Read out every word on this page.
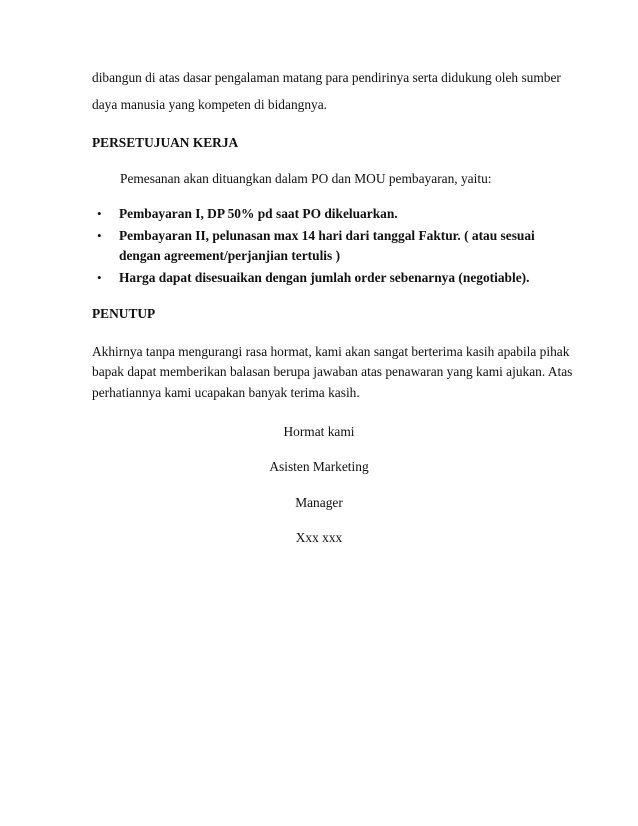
dibangun di atas dasar pengalaman matang para pendirinya serta didukung oleh sumber
daya manusia yang kompeten di bidangnya.
PERSETUJUAN KERJA
Pemesanan akan dituangkan dalam PO dan MOU pembayaran, yaitu:
• Pembayaran I, DP 50% pd saat PO dikeluarkan.
• Pembayaran II, pelunasan max 14 hari dari tanggal Faktur. ( atau sesuai
dengan agreement/perjanjian tertulis )
• Harga dapat disesuaikan dengan jumlah order sebenarnya (negotiable).
PENUTUP
Akhirnya tanpa mengurangi rasa hormat, kami akan sangat berterima kasih apabila pihak
bapak dapat memberikan balasan berupa jawaban atas penawaran yang kami ajukan. Atas
perhatiannya kami ucapakan banyak terima kasih.
Hormat kami
Asisten Marketing
Manager
Xxx xxx
